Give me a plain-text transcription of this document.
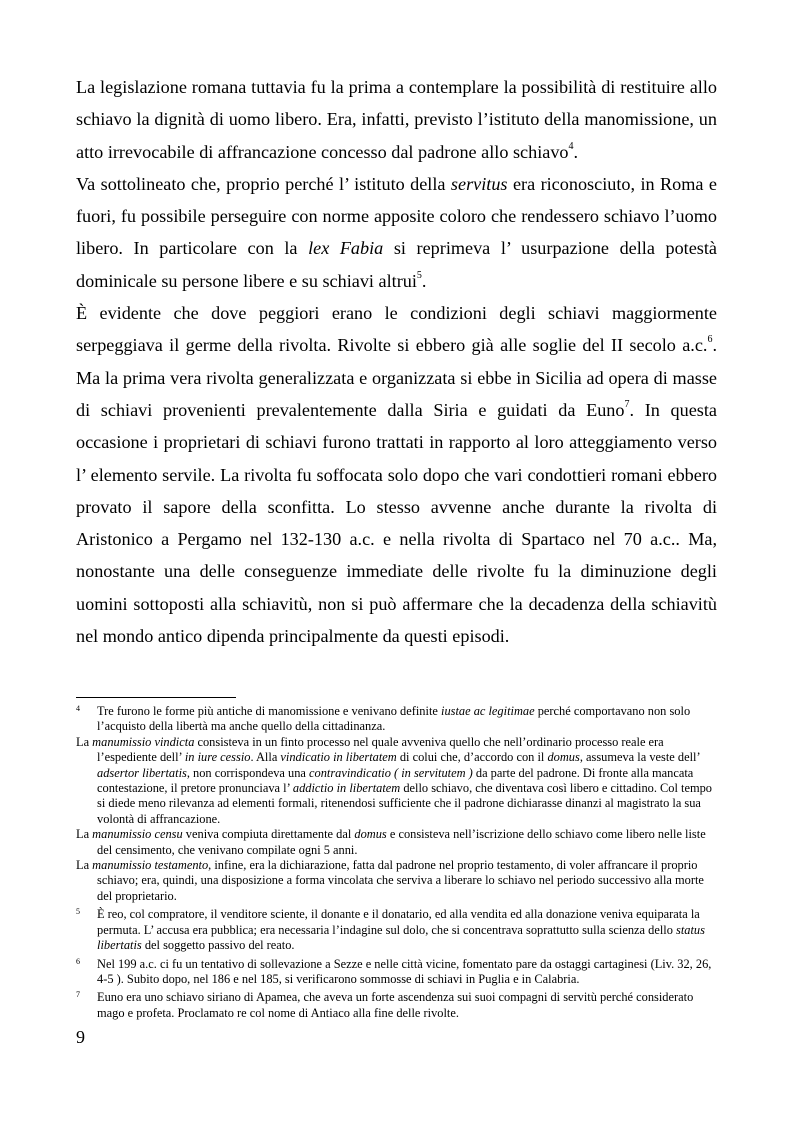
La legislazione romana tuttavia fu la prima a contemplare la possibilità di restituire allo schiavo la dignità di uomo libero. Era, infatti, previsto l’istituto della manomissione, un atto irrevocabile di affrancazione concesso dal padrone allo schiavo$^4$.

Va sottolineato che, proprio perché l’ istituto della servitus era riconosciuto, in Roma e fuori, fu possibile perseguire con norme apposite coloro che rendessero schiavo l’uomo libero. In particolare con la lex Fabia si reprimeva l’ usurpazione della potestà dominicale su persone libere e su schiavi altrui$^5$.

È evidente che dove peggiori erano le condizioni degli schiavi maggiormente serpeggiava il germe della rivolta. Rivolte si ebbero già alle soglie del II secolo a.c.$^6$. Ma la prima vera rivolta generalizzata e organizzata si ebbe in Sicilia ad opera di masse di schiavi provenienti prevalentemente dalla Siria e guidati da Euno$^7$. In questa occasione i proprietari di schiavi furono trattati in rapporto al loro atteggiamento verso l’ elemento servile. La rivolta fu soffocata solo dopo che vari condottieri romani ebbero provato il sapore della sconfitta. Lo stesso avvenne anche durante la rivolta di Aristonico a Pergamo nel 132-130 a.c. e nella rivolta di Spartaco nel 70 a.c.. Ma, nonostante una delle conseguenze immediate delle rivolte fu la diminuzione degli uomini sottoposti alla schiavitù, non si può affermare che la decadenza della schiavitù nel mondo antico dipenda principalmente da questi episodi.

4 Tre furono le forme più antiche di manomissione e venivano definite iustae ac legitimae perché comportavano non solo l’acquisto della libertà ma anche quello della cittadinanza.

La manumissio vindicta consisteva in un finto processo nel quale avveniva quello che nell’ordinario processo reale era l’espediente dell’ in iure cessio. Alla vindicatio in libertatem di colui che, d’accordo con il domus, assumeva la veste dell’ adsertor libertatis, non corrispondeva una contravindicatio ( in servitutem ) da parte del padrone. Di fronte alla mancata contestazione, il pretore pronunciava l’ addictio in libertatem dello schiavo, che diventava così libero e cittadino. Col tempo si diede meno rilevanza ad elementi formali, ritenendosi sufficiente che il padrone dichiarasse dinanzi al magistrato la sua volontà di affrancazione.

La manumissio censu veniva compiuta direttamente dal domus e consisteva nell’iscrizione dello schiavo come libero nelle liste del censimento, che venivano compilate ogni 5 anni.

La manumissio testamento, infine, era la dichiarazione, fatta dal padrone nel proprio testamento, di voler affrancare il proprio schiavo; era, quindi, una disposizione a forma vincolata che serviva a liberare lo schiavo nel periodo successivo alla morte del proprietario.

5 È reo, col compratore, il venditore sciente, il donante e il donatario, ed alla vendita ed alla donazione veniva equiparata la permuta. L’ accusa era pubblica; era necessaria l’indagine sul dolo, che si concentrava soprattutto sulla scienza dello status libertatis del soggetto passivo del reato.

6 Nel 199 a.c. ci fu un tentativo di sollevazione a Sezze e nelle città vicine, fomentato pare da ostaggi cartaginesi (Liv. 32, 26, 4-5 ). Subito dopo, nel 186 e nel 185, si verificarono sommosse di schiavi in Puglia e in Calabria.

7 Euno era uno schiavo siriano di Apamea, che aveva un forte ascendenza sui suoi compagni di servitù perché considerato mago e profeta. Proclamato re col nome di Antiaco alla fine delle rivolte.

9
